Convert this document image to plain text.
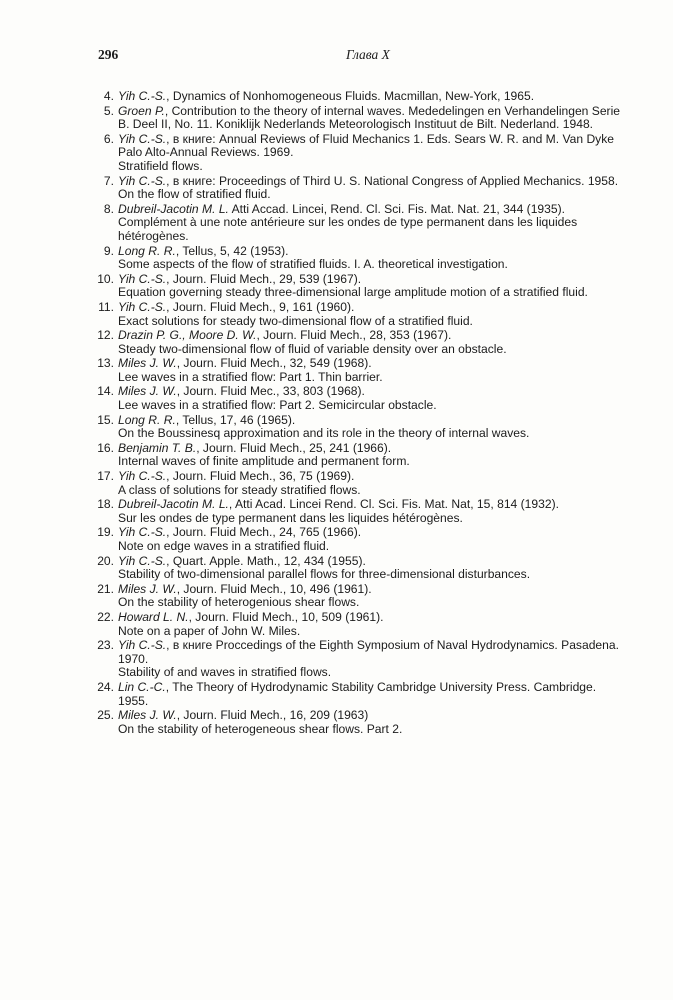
296	Глава X
4. Yih C.-S., Dynamics of Nonhomogeneous Fluids. Macmillan, New-York, 1965.

5. Groen P., Contribution to the theory of internal waves. Mededelingen en Verhandelingen Serie B. Deel II, No. 11. Koniklijk Nederlands Meteorologisch Instituut de Bilt. Nederland. 1948.

6. Yih C.-S., в книге: Annual Reviews of Fluid Mechanics 1. Eds. Sears W. R. and M. Van Dyke Palo Alto-Annual Reviews. 1969.

Stratifield flows.

7. Yih C.-S., в книге: Proceedings of Third U. S. National Congress of Applied Mechanics. 1958.

On the flow of stratified fluid.

8. Dubreil-Jacotin M. L. Atti Accad. Lincei, Rend. Cl. Sci. Fis. Mat. Nat. 21, 344 (1935).

Complément à une note antérieure sur les ondes de type permanent dans les liquides hétérogènes.

9. Long R. R., Tellus, 5, 42 (1953).

Some aspects of the flow of stratified fluids. I. A. theoretical investigation.

10. Yih C.-S., Journ. Fluid Mech., 29, 539 (1967).

Equation governing steady three-dimensional large amplitude motion of a stratified fluid.

11. Yih C.-S., Journ. Fluid Mech., 9, 161 (1960).

Exact solutions for steady two-dimensional flow of a stratified fluid.

12. Drazin P. G., Moore D. W., Journ. Fluid Mech., 28, 353 (1967).

Steady two-dimensional flow of fluid of variable density over an obstacle.

13. Miles J. W., Journ. Fluid Mech., 32, 549 (1968).

Lee waves in a stratified flow: Part 1. Thin barrier.

14. Miles J. W., Journ. Fluid Mec., 33, 803 (1968).

Lee waves in a stratified flow: Part 2. Semicircular obstacle.

15. Long R. R., Tellus, 17, 46 (1965).

On the Boussinesq approximation and its role in the theory of internal waves.

16. Benjamin T. B., Journ. Fluid Mech., 25, 241 (1966).

Internal waves of finite amplitude and permanent form.

17. Yih C.-S., Journ. Fluid Mech., 36, 75 (1969).

A class of solutions for steady stratified flows.

18. Dubreil-Jacotin M. L., Atti Acad. Lincei Rend. Cl. Sci. Fis. Mat. Nat, 15, 814 (1932).

Sur les ondes de type permanent dans les liquides hétérogènes.

19. Yih C.-S., Journ. Fluid Mech., 24, 765 (1966).

Note on edge waves in a stratified fluid.

20. Yih C.-S., Quart. Apple. Math., 12, 434 (1955).

Stability of two-dimensional parallel flows for three-dimensional disturbances.

21. Miles J. W., Journ. Fluid Mech., 10, 496 (1961).

On the stability of heterogenious shear flows.

22. Howard L. N., Journ. Fluid Mech., 10, 509 (1961).

Note on a paper of John W. Miles.

23. Yih C.-S., в книге Proccedings of the Eighth Symposium of Naval Hydrodynamics. Pasadena. 1970.

Stability of and waves in stratified flows.

24. Lin C.-C., The Theory of Hydrodynamic Stability Cambridge University Press. Cambridge. 1955.

25. Miles J. W., Journ. Fluid Mech., 16, 209 (1963)

On the stability of heterogeneous shear flows. Part 2.
